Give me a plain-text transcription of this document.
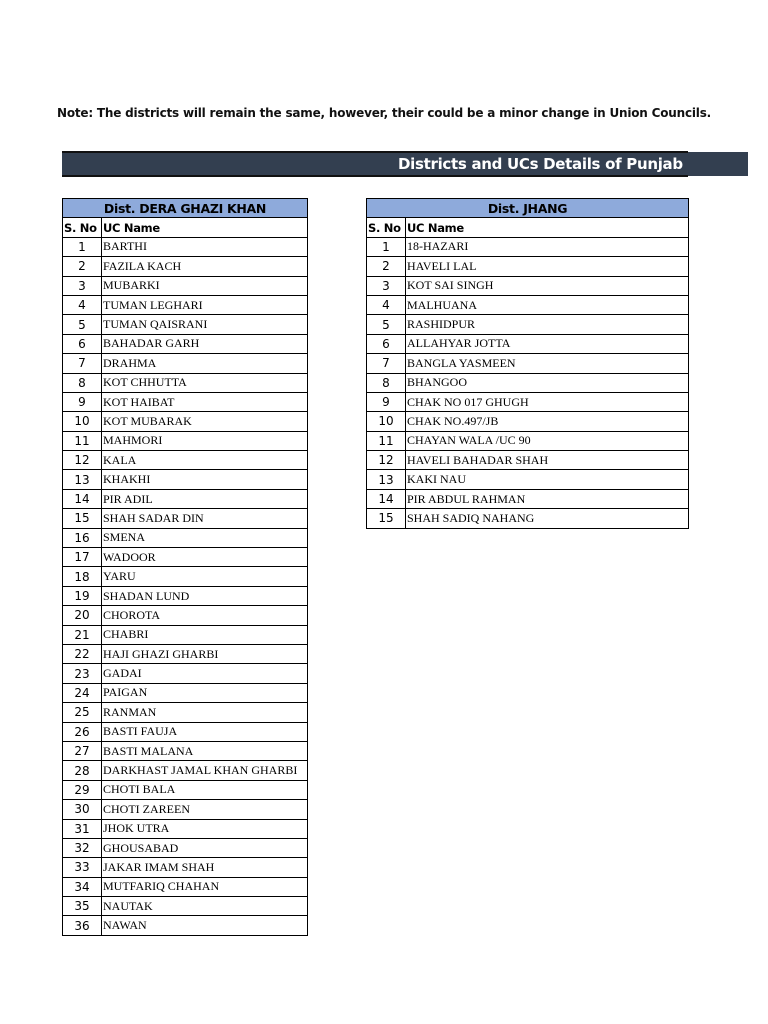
Note: The districts will remain the same, however, their could be a minor change in Union Councils.
Districts and UCs Details of Punjab
Dist. DERA GHAZI KHAN	
S. No	UC Name
1	BARTHI
2	FAZILA KACH
3	MUBARKI
4	TUMAN LEGHARI
5	TUMAN QAISRANI
6	BAHADAR GARH
7	DRAHMA
8	KOT CHHUTTA
9	KOT HAIBAT
10	KOT MUBARAK
11	MAHMORI
12	KALA
13	KHAKHI
14	PIR ADIL
15	SHAH SADAR DIN
16	SMENA
17	WADOOR
18	YARU
19	SHADAN LUND
20	CHOROTA
21	CHABRI
22	HAJI GHAZI GHARBI
23	GADAI
24	PAIGAN
25	RANMAN
26	BASTI FAUJA
27	BASTI MALANA
28	DARKHAST JAMAL KHAN GHARBI
29	CHOTI BALA
30	CHOTI ZAREEN
31	JHOK UTRA
32	GHOUSABAD
33	JAKAR IMAM SHAH
34	MUTFARIQ CHAHAN
35	NAUTAK
36	NAWAN
Dist. JHANG	
S. No	UC Name
1	18-HAZARI
2	HAVELI LAL
3	KOT SAI SINGH
4	MALHUANA
5	RASHIDPUR
6	ALLAHYAR JOTTA
7	BANGLA YASMEEN
8	BHANGOO
9	CHAK NO 017 GHUGH
10	CHAK NO.497/JB
11	CHAYAN WALA /UC 90
12	HAVELI BAHADAR SHAH
13	KAKI NAU
14	PIR ABDUL RAHMAN
15	SHAH SADIQ NAHANG
